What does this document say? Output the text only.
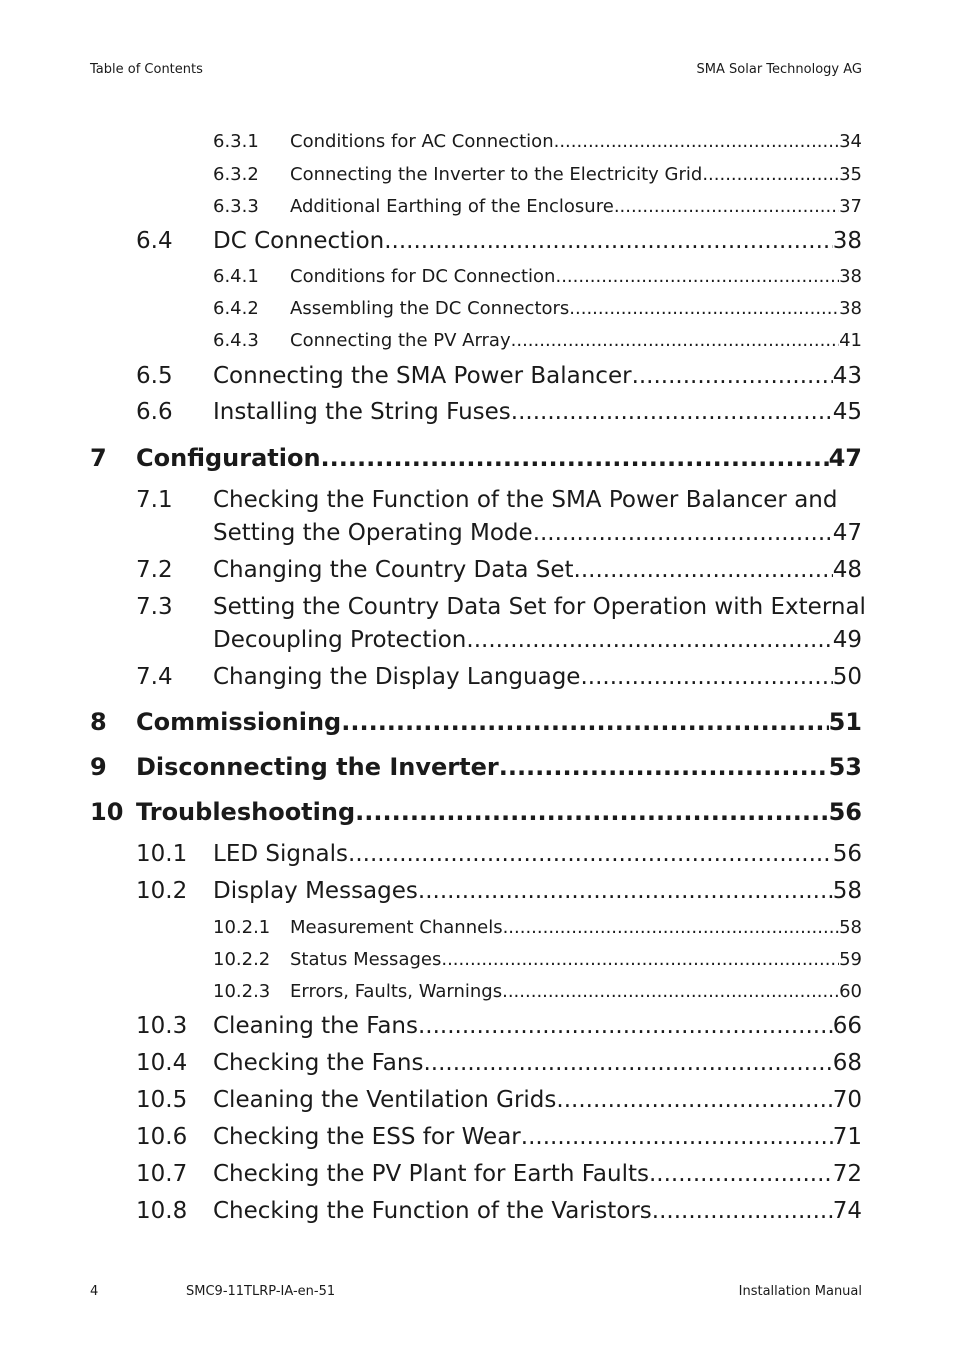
Table of Contents	SMA Solar Technology AG
6.3.1 Conditions for AC Connection .....	34
6.3.2 Connecting the Inverter to the Electricity Grid .....	35
6.3.3 Additional Earthing of the Enclosure .....	37
6.4 DC Connection .....	38
6.4.1 Conditions for DC Connection .....	38
6.4.2 Assembling the DC Connectors .....	38
6.4.3 Connecting the PV Array .....	41
6.5 Connecting the SMA Power Balancer .....	43
6.6 Installing the String Fuses .....	45
7 Configuration .....	47
7.1 Checking the Function of the SMA Power Balancer and
Setting the Operating Mode .....	47
7.2 Changing the Country Data Set .....	48
7.3 Setting the Country Data Set for Operation with External
Decoupling Protection .....	49
7.4 Changing the Display Language .....	50
8 Commissioning .....	51
9 Disconnecting the Inverter .....	53
10 Troubleshooting .....	56
10.1 LED Signals .....	56
10.2 Display Messages .....	58
10.2.1 Measurement Channels .....	58
10.2.2 Status Messages .....	59
10.2.3 Errors, Faults, Warnings .....	60
10.3 Cleaning the Fans .....	66
10.4 Checking the Fans .....	68
10.5 Cleaning the Ventilation Grids .....	70
10.6 Checking the ESS for Wear .....	71
10.7 Checking the PV Plant for Earth Faults .....	72
10.8 Checking the Function of the Varistors .....	74
4	SMC9-11TLRP-IA-en-51	Installation Manual
